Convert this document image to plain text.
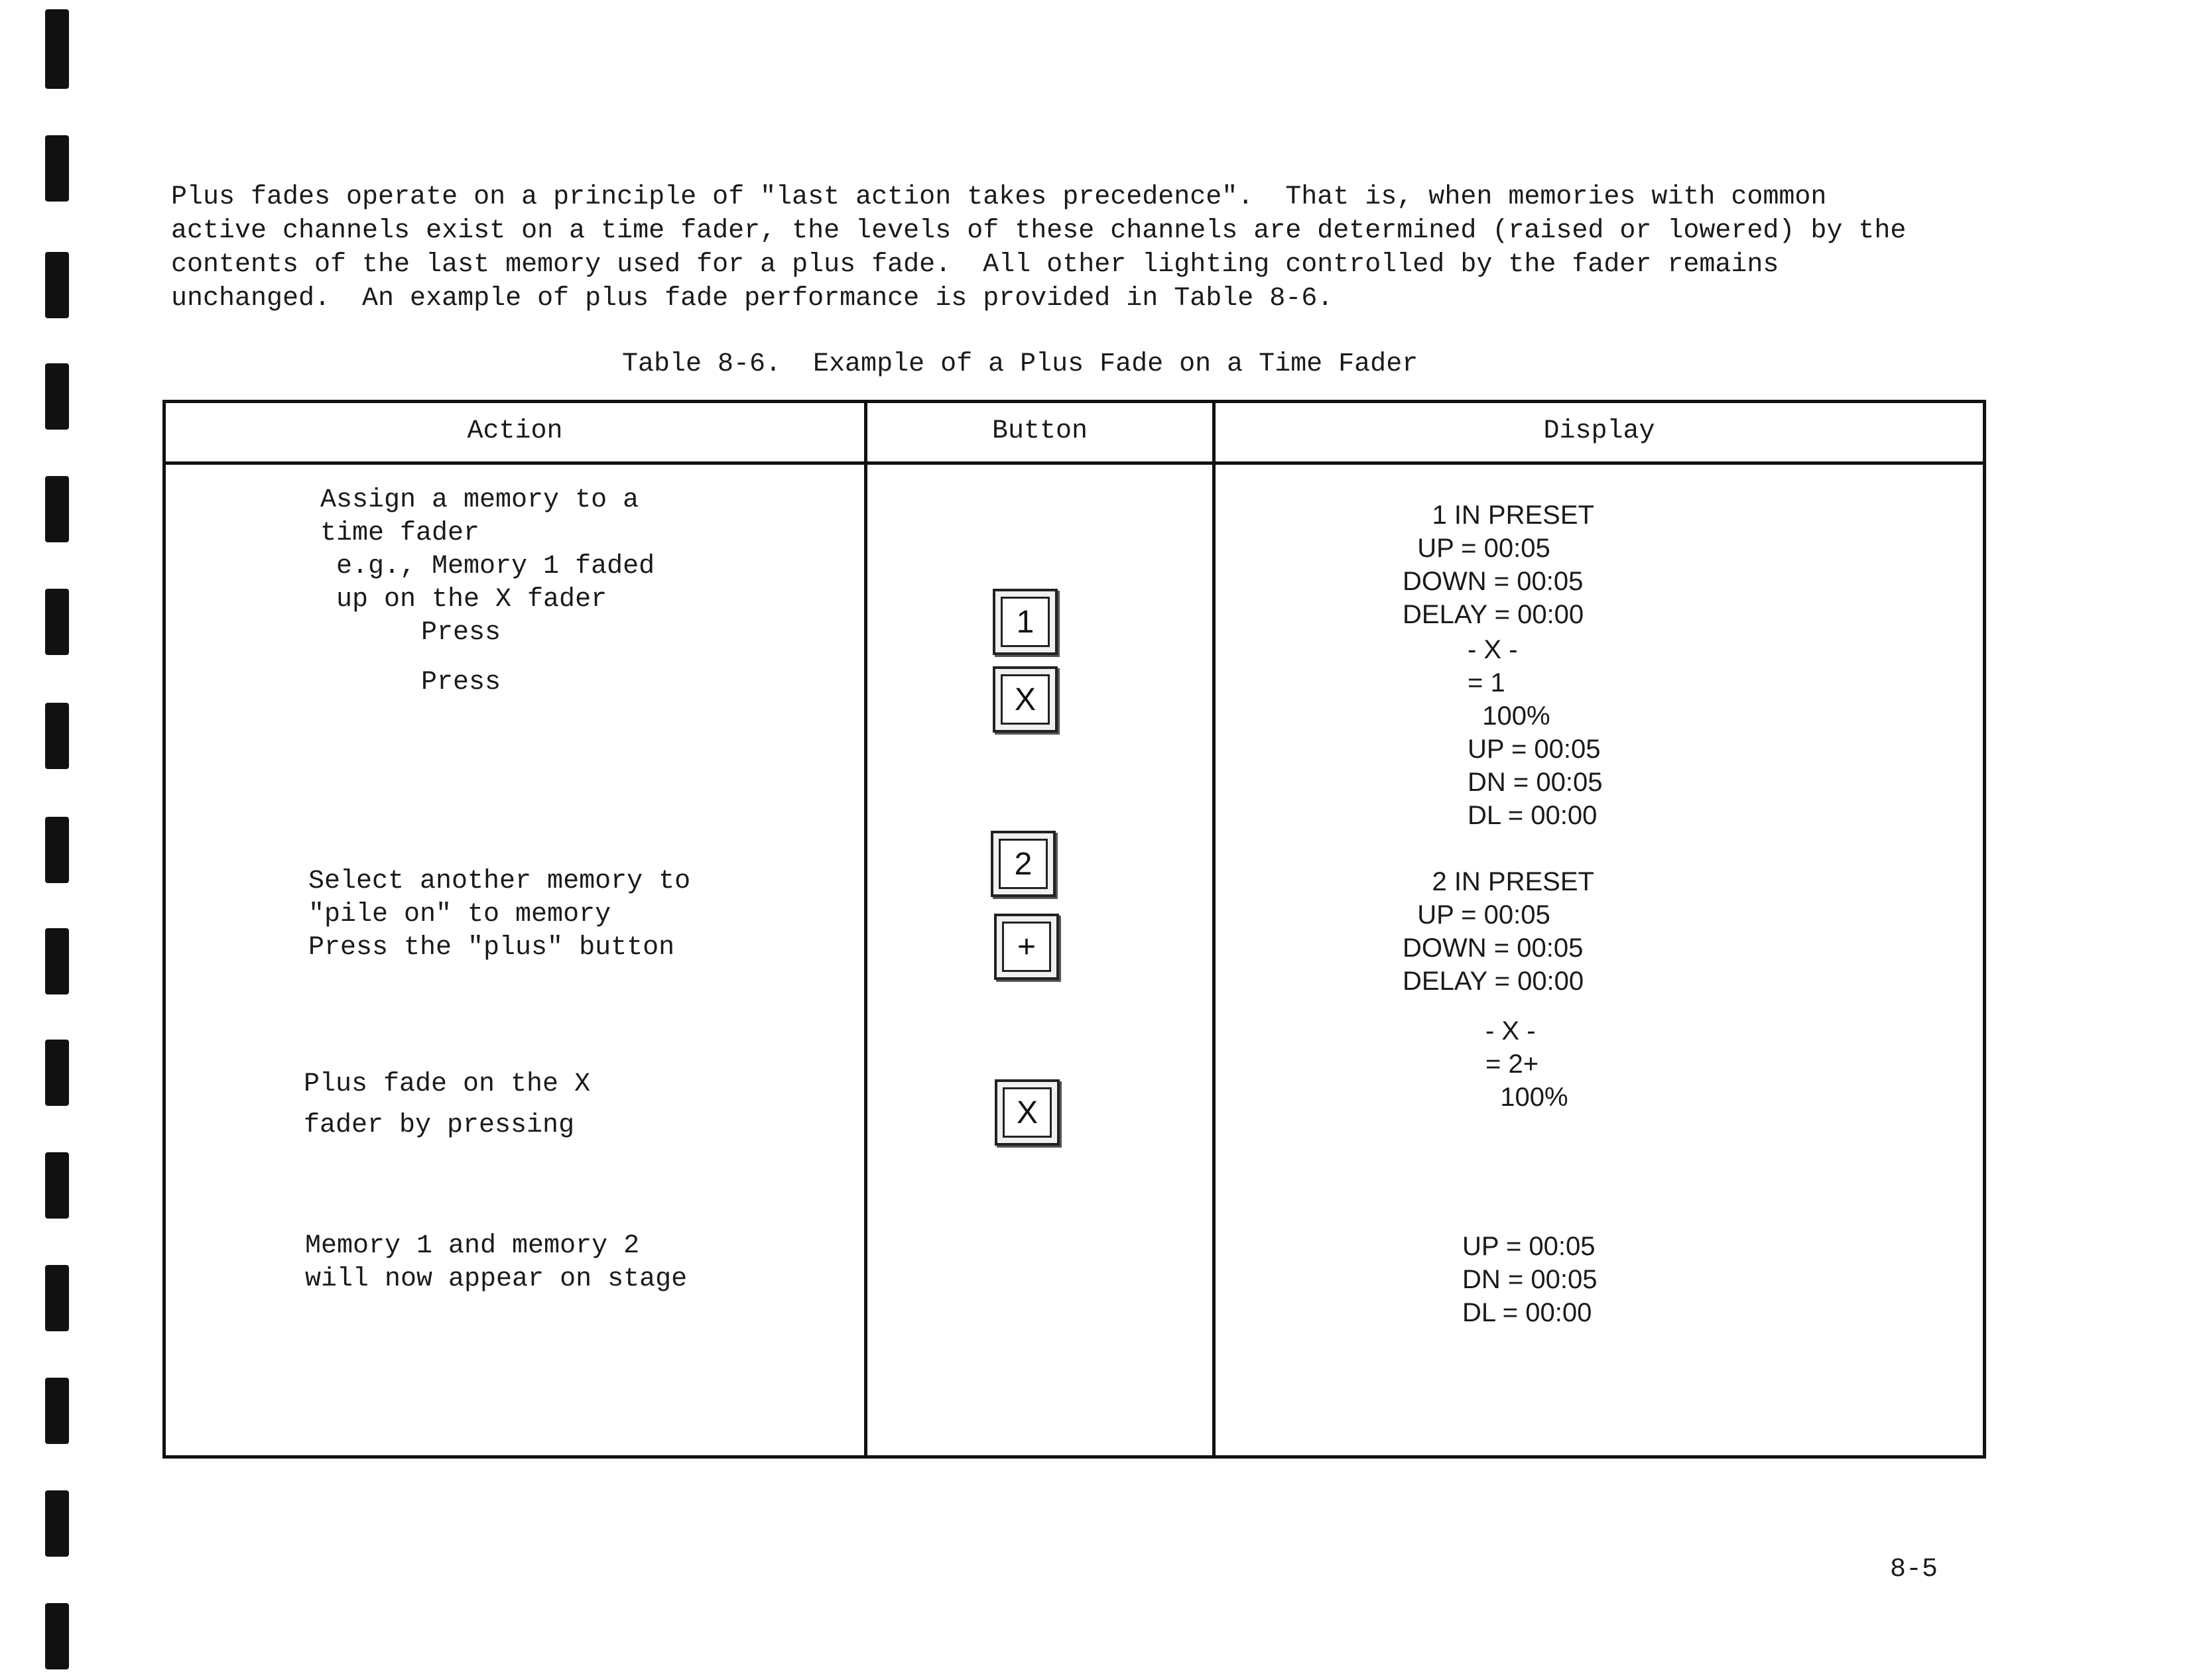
Plus fades operate on a principle of "last action takes precedence".  That is, when memories with common
active channels exist on a time fader, the levels of these channels are determined (raised or lowered) by the
contents of the last memory used for a plus fade.  All other lighting controlled by the fader remains
unchanged.  An example of plus fade performance is provided in Table 8-6.

Table 8-6.  Example of a Plus Fade on a Time Fader
Action	Button	Display
Assign a memory to a
time fader
e.g., Memory 1 faded
up on the X fader
Press
Press
Select another memory to
"pile on" to memory
Press the "plus" button
Plus fade on the X
fader by pressing
Memory 1 and memory 2
will now appear on stage
1
X
2
+
X
1 IN PRESET
UP = 00:05
DOWN = 00:05
DELAY = 00:00
- X -
= 1
100%
UP = 00:05
DN = 00:05
DL = 00:00
2 IN PRESET
UP = 00:05
DOWN = 00:05
DELAY = 00:00
- X -
= 2+
100%
UP = 00:05
DN = 00:05
DL = 00:00
8-5
